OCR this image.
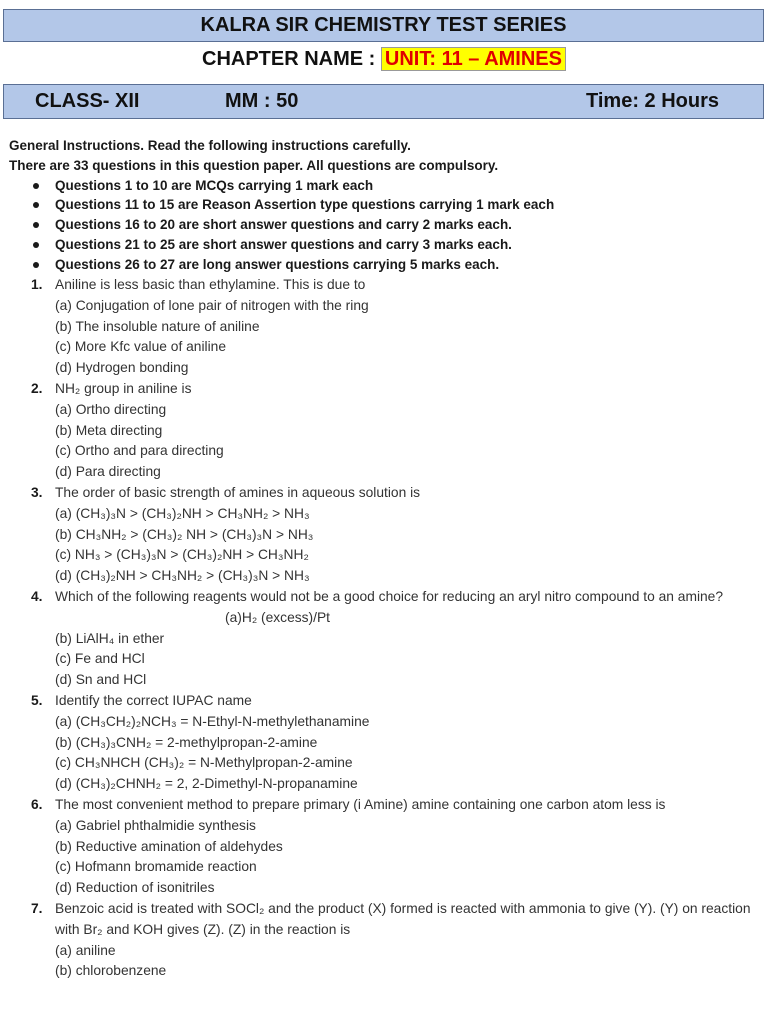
KALRA SIR CHEMISTRY TEST SERIES
CHAPTER NAME : UNIT: 11 – AMINES
CLASS- XII	MM : 50	Time: 2 Hours
General Instructions. Read the following instructions carefully.
There are 33 questions in this question paper. All questions are compulsory.
Questions 1 to 10 are MCQs carrying 1 mark each
Questions 11 to 15 are Reason Assertion type questions carrying 1 mark each
Questions 16 to 20 are short answer questions and carry 2 marks each.
Questions 21 to 25 are short answer questions and carry 3 marks each.
Questions 26 to 27 are long answer questions carrying 5 marks each.
1. Aniline is less basic than ethylamine. This is due to
(a) Conjugation of lone pair of nitrogen with the ring
(b) The insoluble nature of aniline
(c) More Kfc value of aniline
(d) Hydrogen bonding
2. NH₂ group in aniline is
(a) Ortho directing
(b) Meta directing
(c) Ortho and para directing
(d) Para directing
3. The order of basic strength of amines in aqueous solution is
(a) (CH₃)₃N > (CH₃)₂NH > CH₃NH₂ > NH₃
(b) CH₃NH₂ > (CH₃)₂ NH > (CH₃)₃N > NH₃
(c) NH₃ > (CH₃)₃N > (CH₃)₂NH > CH₃NH₂
(d) (CH₃)₂NH > CH₃NH₂ > (CH₃)₃N > NH₃
4. Which of the following reagents would not be a good choice for reducing an aryl nitro compound to an amine?(a)H₂ (excess)/Pt
(b) LiAlH₄ in ether
(c) Fe and HCl
(d) Sn and HCl
5. Identify the correct IUPAC name
(a) (CH₃CH₂)₂NCH₃ = N-Ethyl-N-methylethanamine
(b) (CH₃)₃CNH₂ = 2-methylpropan-2-amine
(c) CH₃NHCH (CH₃)₂ = N-Methylpropan-2-amine
(d) (CH₃)₂CHNH₂ = 2, 2-Dimethyl-N-propanamine
6. The most convenient method to prepare primary (i Amine) amine containing one carbon atom less is
(a) Gabriel phthalmidie synthesis
(b) Reductive amination of aldehydes
(c) Hofmann bromamide reaction
(d) Reduction of isonitriles
7. Benzoic acid is treated with SOCl₂ and the product (X) formed is reacted with ammonia to give (Y). (Y) on reaction with Br₂ and KOH gives (Z). (Z) in the reaction is
(a) aniline
(b) chlorobenzene
